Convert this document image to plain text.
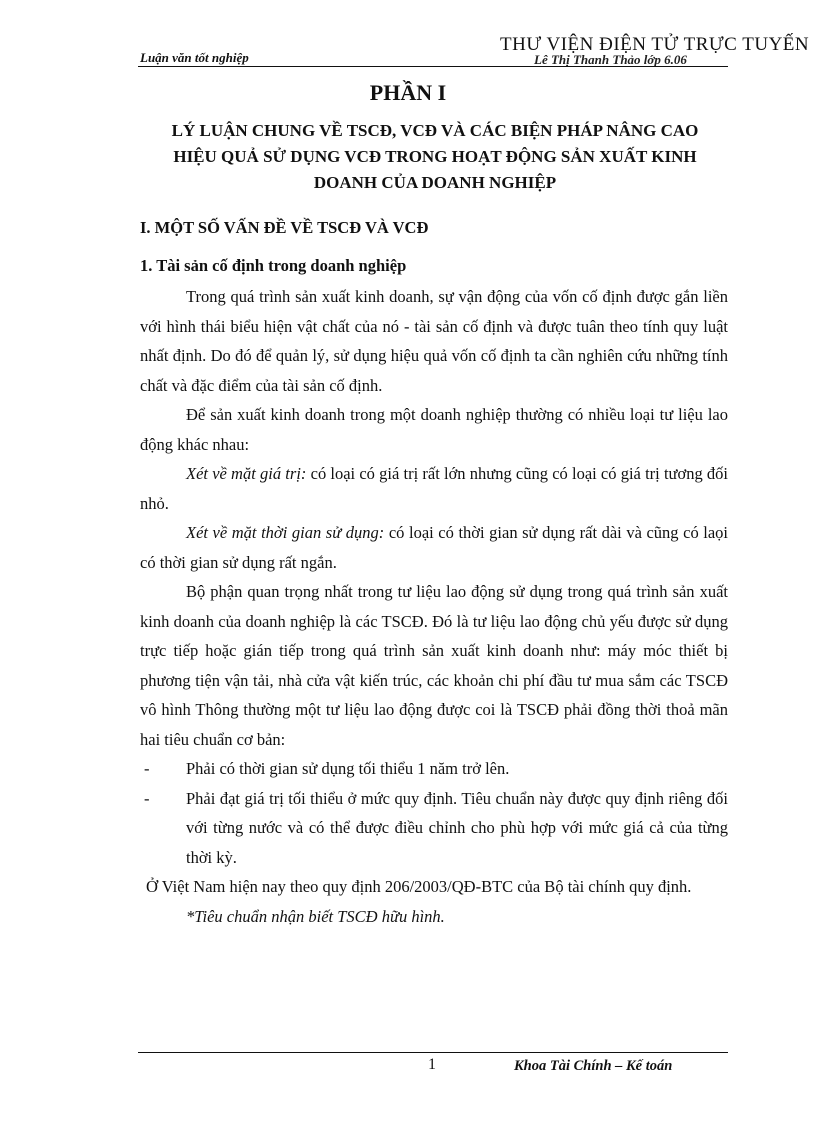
THƯ VIỆN ĐIỆN TỬ TRỰC TUYẾN
Luận văn tốt nghiệp	Lê Thị Thanh Thảo lớp 6.06
PHẦN I
LÝ LUẬN CHUNG VỀ TSCĐ, VCĐ VÀ CÁC BIỆN PHÁP NÂNG CAO HIỆU QUẢ SỬ DỤNG VCĐ TRONG HOẠT ĐỘNG SẢN XUẤT KINH DOANH CỦA DOANH NGHIỆP
I. MỘT SỐ VẤN ĐỀ VỀ TSCĐ VÀ VCĐ
1. Tài sản cố định trong doanh nghiệp

Trong quá trình sản xuất kinh doanh, sự vận động của vốn cố định được gắn liền với hình thái biểu hiện vật chất của nó - tài sản cố định và được tuân theo tính quy luật nhất định. Do đó để quản lý, sử dụng hiệu quả vốn cố định ta cần nghiên cứu những tính chất và đặc điểm của tài sản cố định.

Để sản xuất kinh doanh trong một doanh nghiệp thường có nhiều loại tư liệu lao động khác nhau:

Xét về mặt giá trị: có loại có giá trị rất lớn nhưng cũng có loại có giá trị tương đối nhỏ.

Xét về mặt thời gian sử dụng: có loại có thời gian sử dụng rất dài và cũng có laọi có thời gian sử dụng rất ngắn.

Bộ phận quan trọng nhất trong tư liệu lao động sử dụng trong quá trình sản xuất kinh doanh của doanh nghiệp là các TSCĐ. Đó là tư liệu lao động chủ yếu được sử dụng trực tiếp hoặc gián tiếp trong quá trình sản xuất kinh doanh như: máy móc thiết bị phương tiện vận tải, nhà cửa vật kiến trúc, các khoản chi phí đầu tư mua sắm các TSCĐ vô hình Thông thường một tư liệu lao động được coi là TSCĐ phải đồng thời thoả mãn hai tiêu chuẩn cơ bản:

-	Phải có thời gian sử dụng tối thiểu 1 năm trở lên.
-	Phải đạt giá trị tối thiểu ở mức quy định. Tiêu chuẩn này được quy định riêng đối với từng nước và có thể được điều chỉnh cho phù hợp với mức giá cả của từng thời kỳ.

Ở Việt Nam hiện nay theo quy định 206/2003/QĐ-BTC của Bộ tài chính quy định.

*Tiêu chuẩn nhận biết TSCĐ hữu hình.

1	Khoa Tài Chính – Kế toán
